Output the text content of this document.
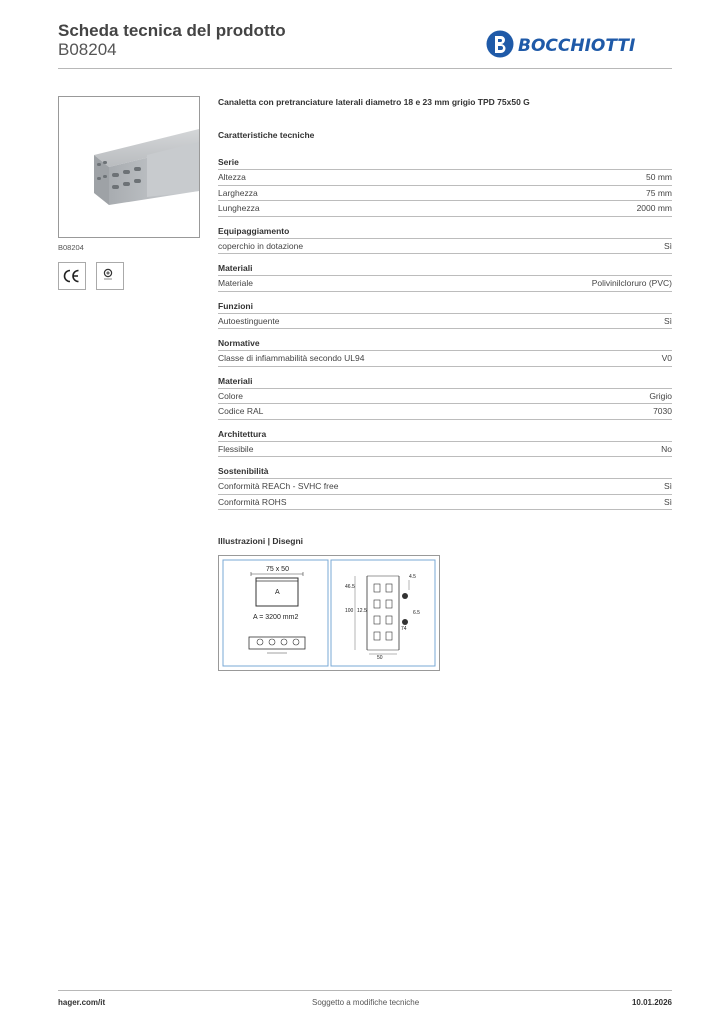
Scheda tecnica del prodotto
B08204	BOCCHIOTTI
B08204
Canaletta con pretranciature laterali diametro 18 e 23 mm grigio TPD 75x50 G
Caratteristiche tecniche
Serie
Altezza	50 mm
Larghezza	75 mm
Lunghezza	2000 mm
Equipaggiamento
coperchio in dotazione	Sì
Materiali
Materiale	Polivinilcloruro (PVC)
Funzioni
Autoestinguente	Sì
Normative
Classe di infiammabilità secondo UL94	V0
Materiali
Colore	Grigio
Codice RAL	7030
Architettura
Flessibile	No
Sostenibilità
Conformità REACh - SVHC free	Sì
Conformità ROHS	Sì
Illustrazioni | Disegni
75 x 50
A
A = 3200 mm2
4.5
46.5
100 12.5	6.5
74
50
hager.com/it	Soggetto a modifiche tecniche	10.01.2026
